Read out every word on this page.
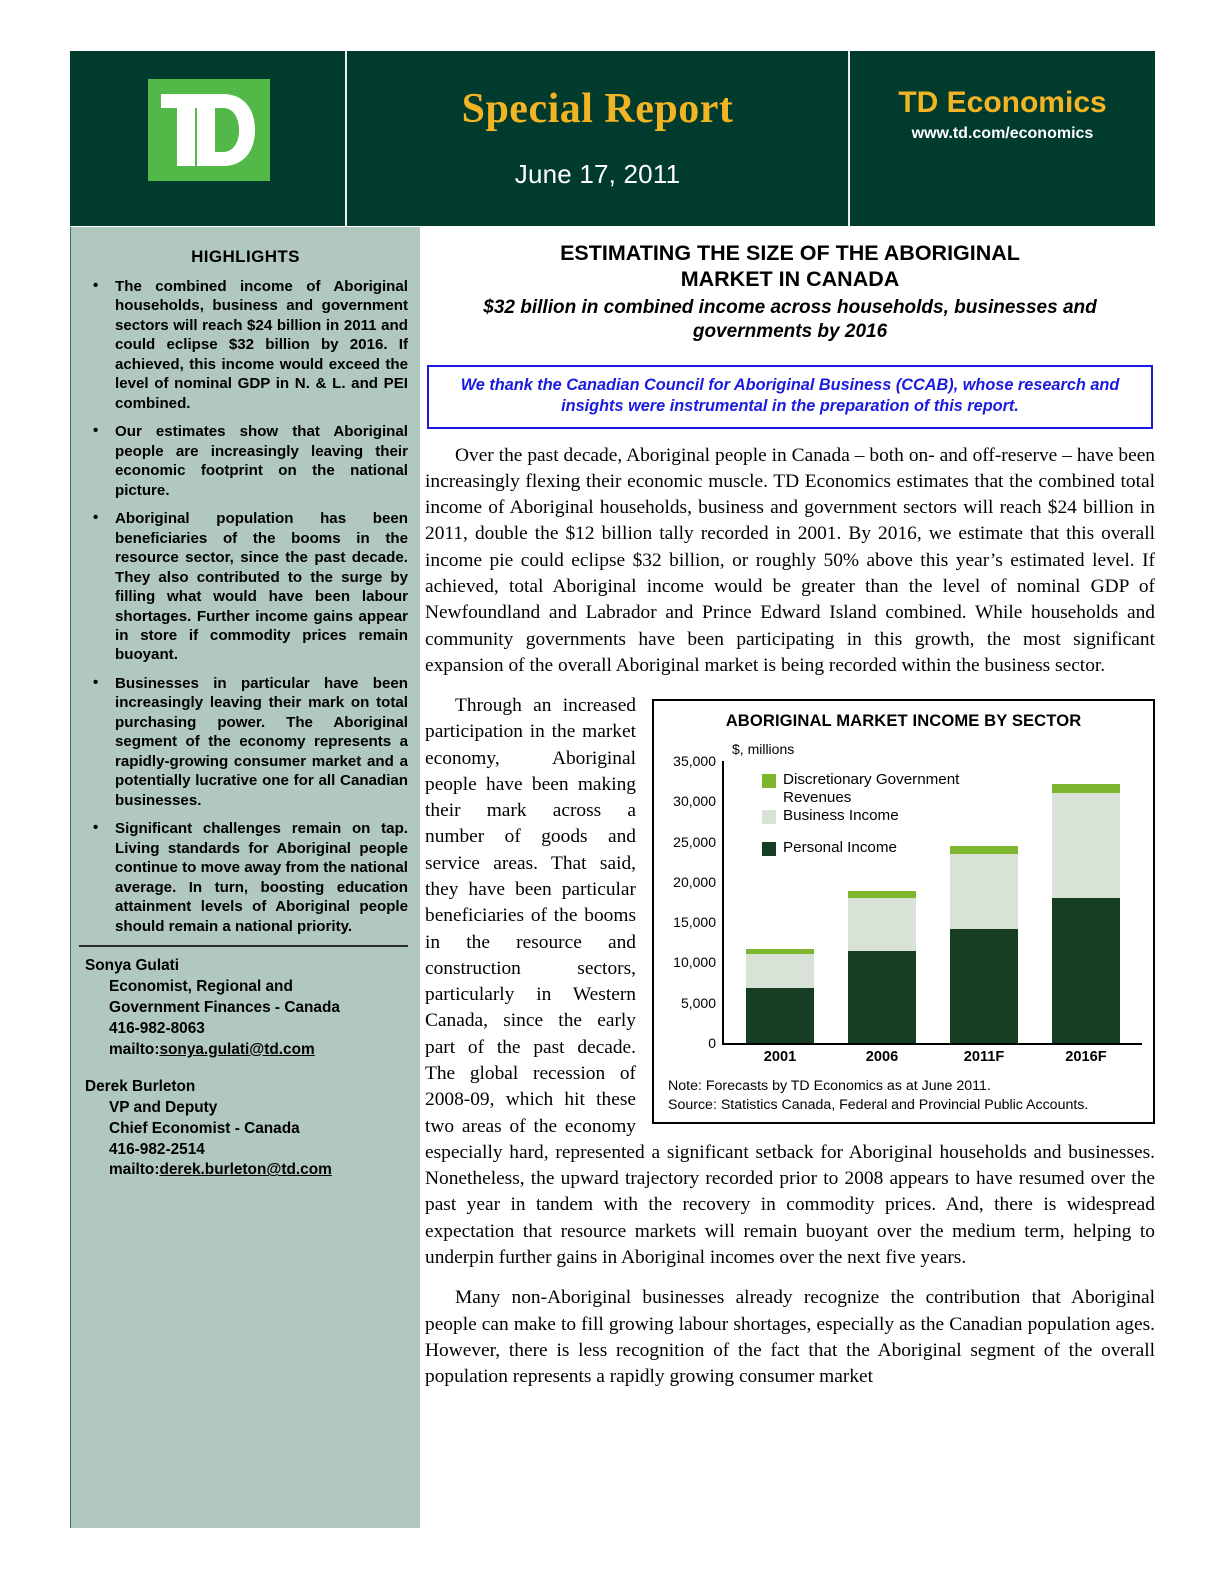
Special Report
June 17, 2011
TD Economics
www.td.com/economics
HIGHLIGHTS
• The combined income of Aboriginal households, business and government sectors will reach $24 billion in 2011 and could eclipse $32 billion by 2016. If achieved, this income would exceed the level of nominal GDP in N. & L. and PEI combined.
• Our estimates show that Aboriginal people are increasingly leaving their economic footprint on the national picture.
• Aboriginal population has been beneficiaries of the booms in the resource sector, since the past decade. They also contributed to the surge by filling what would have been labour shortages. Further income gains appear in store if commodity prices remain buoyant.
• Businesses in particular have been increasingly leaving their mark on total purchasing power. The Aboriginal segment of the economy represents a rapidly-growing consumer market and a potentially lucrative one for all Canadian businesses.
• Significant challenges remain on tap. Living standards for Aboriginal people continue to move away from the national average. In turn, boosting education attainment levels of Aboriginal people should remain a national priority.

Sonya Gulati

Economist, Regional and

Government Finances - Canada

416-982-8063

mailto:sonya.gulati@td.com

Derek Burleton

VP and Deputy

Chief Economist - Canada

416-982-2514

mailto:derek.burleton@td.com

ESTIMATING THE SIZE OF THE ABORIGINAL
MARKET IN CANADA
$32 billion in combined income across households, businesses and governments by 2016

We thank the Canadian Council for Aboriginal Business (CCAB), whose research and insights were instrumental in the preparation of this report.

Over the past decade, Aboriginal people in Canada – both on- and off-reserve – have been increasingly flexing their economic muscle. TD Economics estimates that the combined total income of Aboriginal households, business and government sectors will reach $24 billion in 2011, double the $12 billion tally recorded in 2001. By 2016, we estimate that this overall income pie could eclipse $32 billion, or roughly 50% above this year’s estimated level. If achieved, total Aboriginal income would be greater than the level of nominal GDP of Newfoundland and Labrador and Prince Edward Island combined. While households and community governments have been participating in this growth, the most significant expansion of the overall Aboriginal market is being recorded within the business sector.

ABORIGINAL MARKET INCOME BY SECTOR
$, millions
0
5,000
10,000
15,000
20,000
25,000
30,000
35,000
2001	2006	2011F	2016F
Discretionary Government
Revenues
Business Income
Personal Income
Note: Forecasts by TD Economics as at June 2011.
Source: Statistics Canada, Federal and Provincial Public Accounts.

Through an increased participation in the market economy, Aboriginal people have been making their mark across a number of goods and service areas. That said, they have been particular beneficiaries of the booms in the resource and construction sectors, particularly in Western Canada, since the early part of the past decade. The global recession of 2008-09, which hit these two areas of the economy especially hard, represented a significant setback for Aboriginal households and businesses. Nonetheless, the upward trajectory recorded prior to 2008 appears to have resumed over the past year in tandem with the recovery in commodity prices. And, there is widespread expectation that resource markets will remain buoyant over the medium term, helping to underpin further gains in Aboriginal incomes over the next five years.

Many non-Aboriginal businesses already recognize the contribution that Aboriginal people can make to fill growing labour shortages, especially as the Canadian population ages. However, there is less recognition of the fact that the Aboriginal segment of the overall population represents a rapidly growing consumer market
